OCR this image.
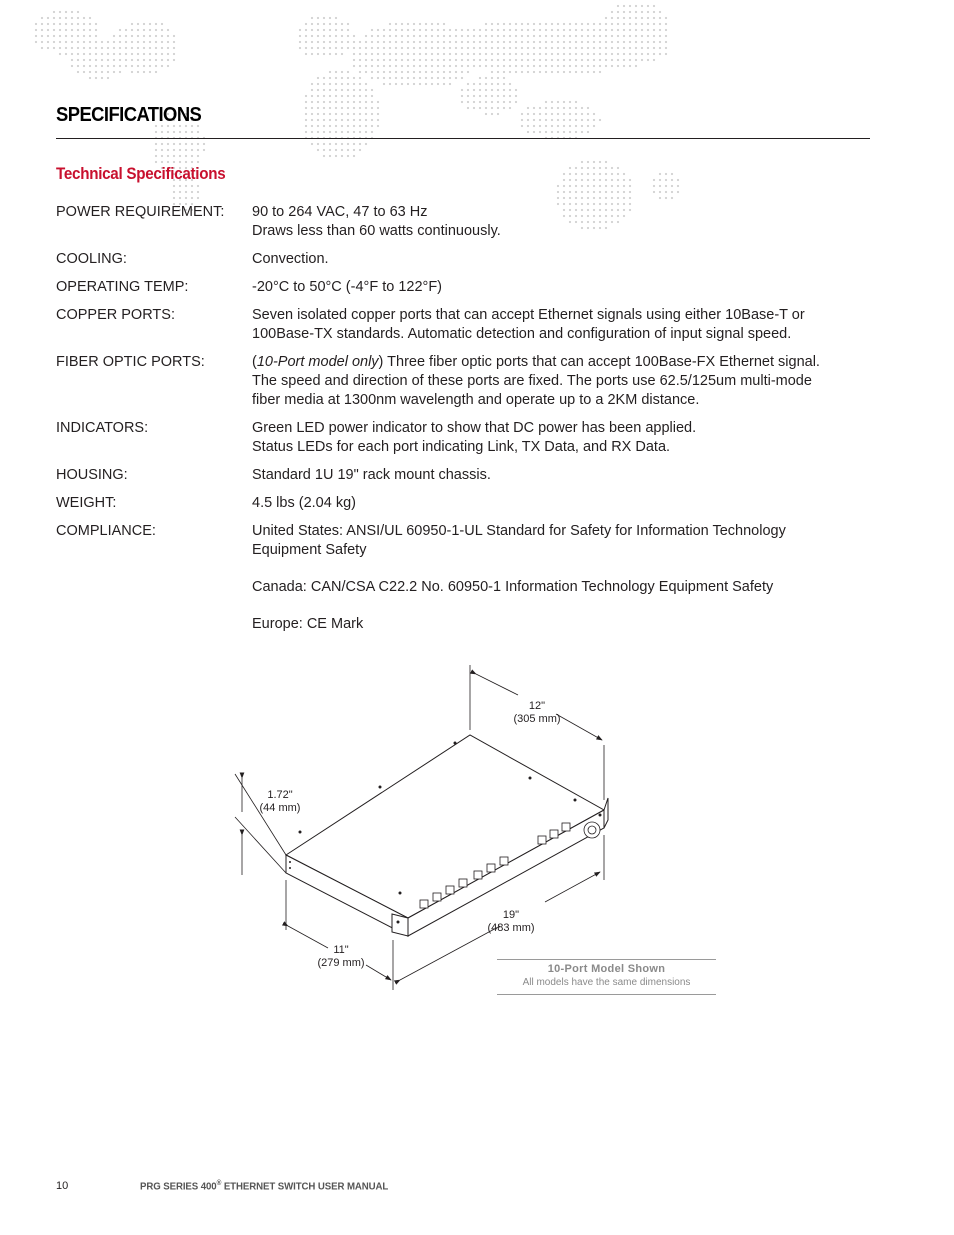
SPECIFICATIONS
Technical Specifications
POWER REQUIREMENT:	90 to 264 VAC, 47 to 63 Hz
Draws less than 60 watts continuously.
COOLING:	Convection.
OPERATING TEMP:	-20°C to 50°C (-4°F to 122°F)
COPPER PORTS:	Seven isolated copper ports that can accept Ethernet signals using either 10Base-T or
100Base-TX standards. Automatic detection and configuration of input signal speed.
FIBER OPTIC PORTS:	(10-Port model only) Three fiber optic ports that can accept 100Base-FX Ethernet signal.
The speed and direction of these ports are fixed. The ports use 62.5/125um multi-mode
fiber media at 1300nm wavelength and operate up to a 2KM distance.
INDICATORS:	Green LED power indicator to show that DC power has been applied.
Status LEDs for each port indicating Link, TX Data, and RX Data.
HOUSING:	Standard 1U 19" rack mount chassis.
WEIGHT:	4.5 lbs (2.04 kg)
COMPLIANCE:	United States: ANSI/UL 60950-1-UL Standard for Safety for Information Technology
Equipment Safety
Canada: CAN/CSA C22.2 No. 60950-1 Information Technology Equipment Safety
Europe: CE Mark
12"
(305 mm)
1.72"
(44 mm)
19"
(483 mm)
11"
(279 mm)	10-Port Model Shown
All models have the same dimensions
10	PRG SERIES 400® ETHERNET SWITCH USER MANUAL
